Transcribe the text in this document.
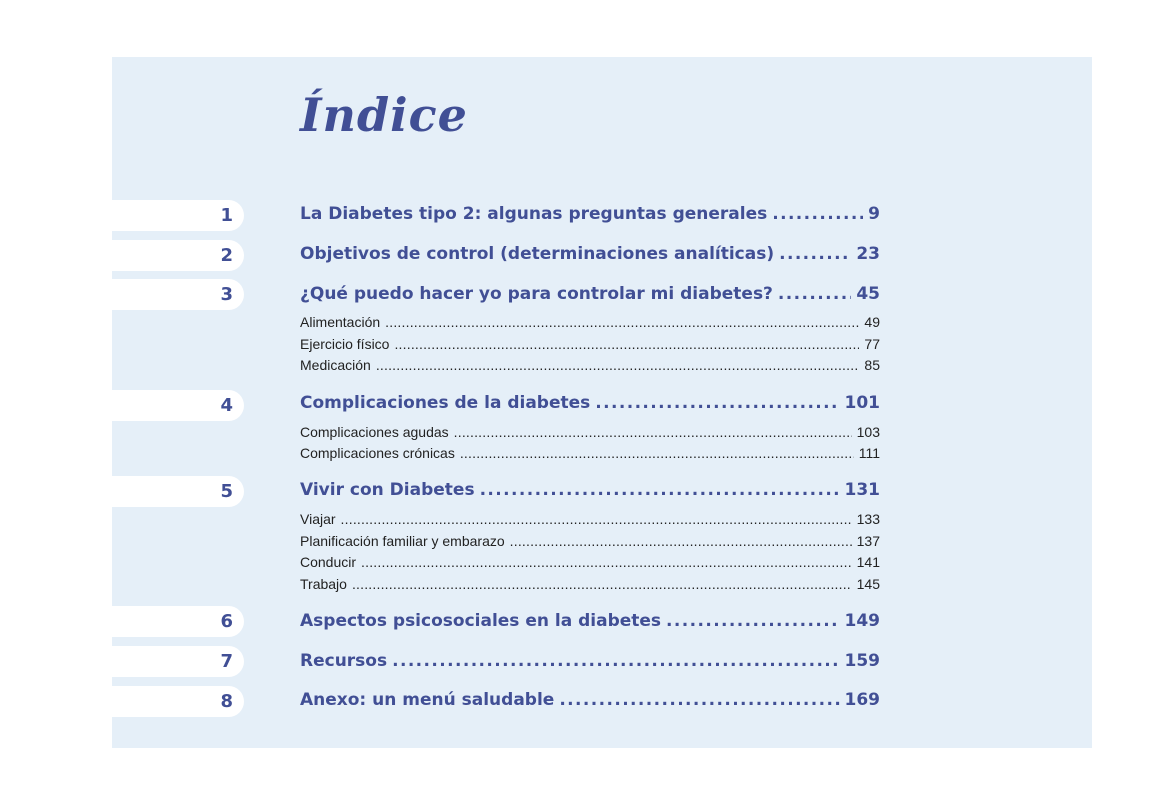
Índice
1	La Diabetes tipo 2: algunas preguntas generales .....	9
2	Objetivos de control (determinaciones analíticas) .....	23
3	¿Qué puedo hacer yo para controlar mi diabetes? .....	45
Alimentación .....	49
Ejercicio físico .....	77
Medicación .....	85
4	Complicaciones de la diabetes .....	101
Complicaciones agudas .....	103
Complicaciones crónicas .....	111
5	Vivir con Diabetes .....	131
Viajar .....	133
Planificación familiar y embarazo .....	137
Conducir .....	141
Trabajo .....	145
6	Aspectos psicosociales en la diabetes .....	149
7	Recursos .....	159
8	Anexo: un menú saludable .....	169
